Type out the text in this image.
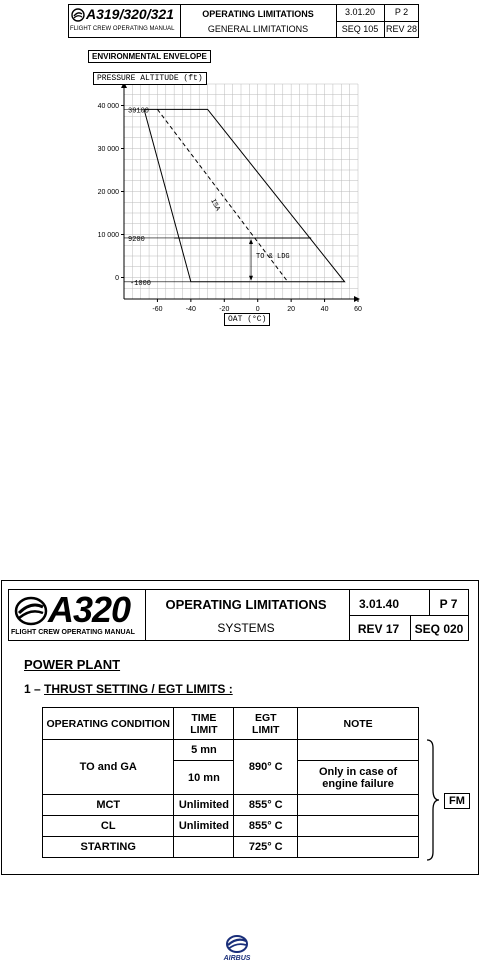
A319/320/321
FLIGHT CREW OPERATING MANUAL
OPERATING LIMITATIONS
GENERAL LIMITATIONS
3.01.20	P 2
SEQ 105 REV 28
ENVIRONMENTAL ENVELOPE
-60	-40	-20	0	20	40	60
40 000
30 000
20 000
10 000
0
39100
9200
-1000
ISA
TO & LDG
PRESSURE ALTITUDE (ft)
OAT (°C)
A320
FLIGHT CREW OPERATING MANUAL
OPERATING LIMITATIONS
SYSTEMS
3.01.40	P 7
REV 17	SEQ 020
POWER PLANT
1 – THRUST SETTING / EGT LIMITS :
OPERATING CONDITION	TIME LIMIT	EGT LIMIT	NOTE
TO and GA	5 mn	890° C	
	10 mn		Only in case of engine failure
MCT	Unlimited	855° C	
CL	Unlimited	855° C	
STARTING		725° C	
FM
AIRBUS
